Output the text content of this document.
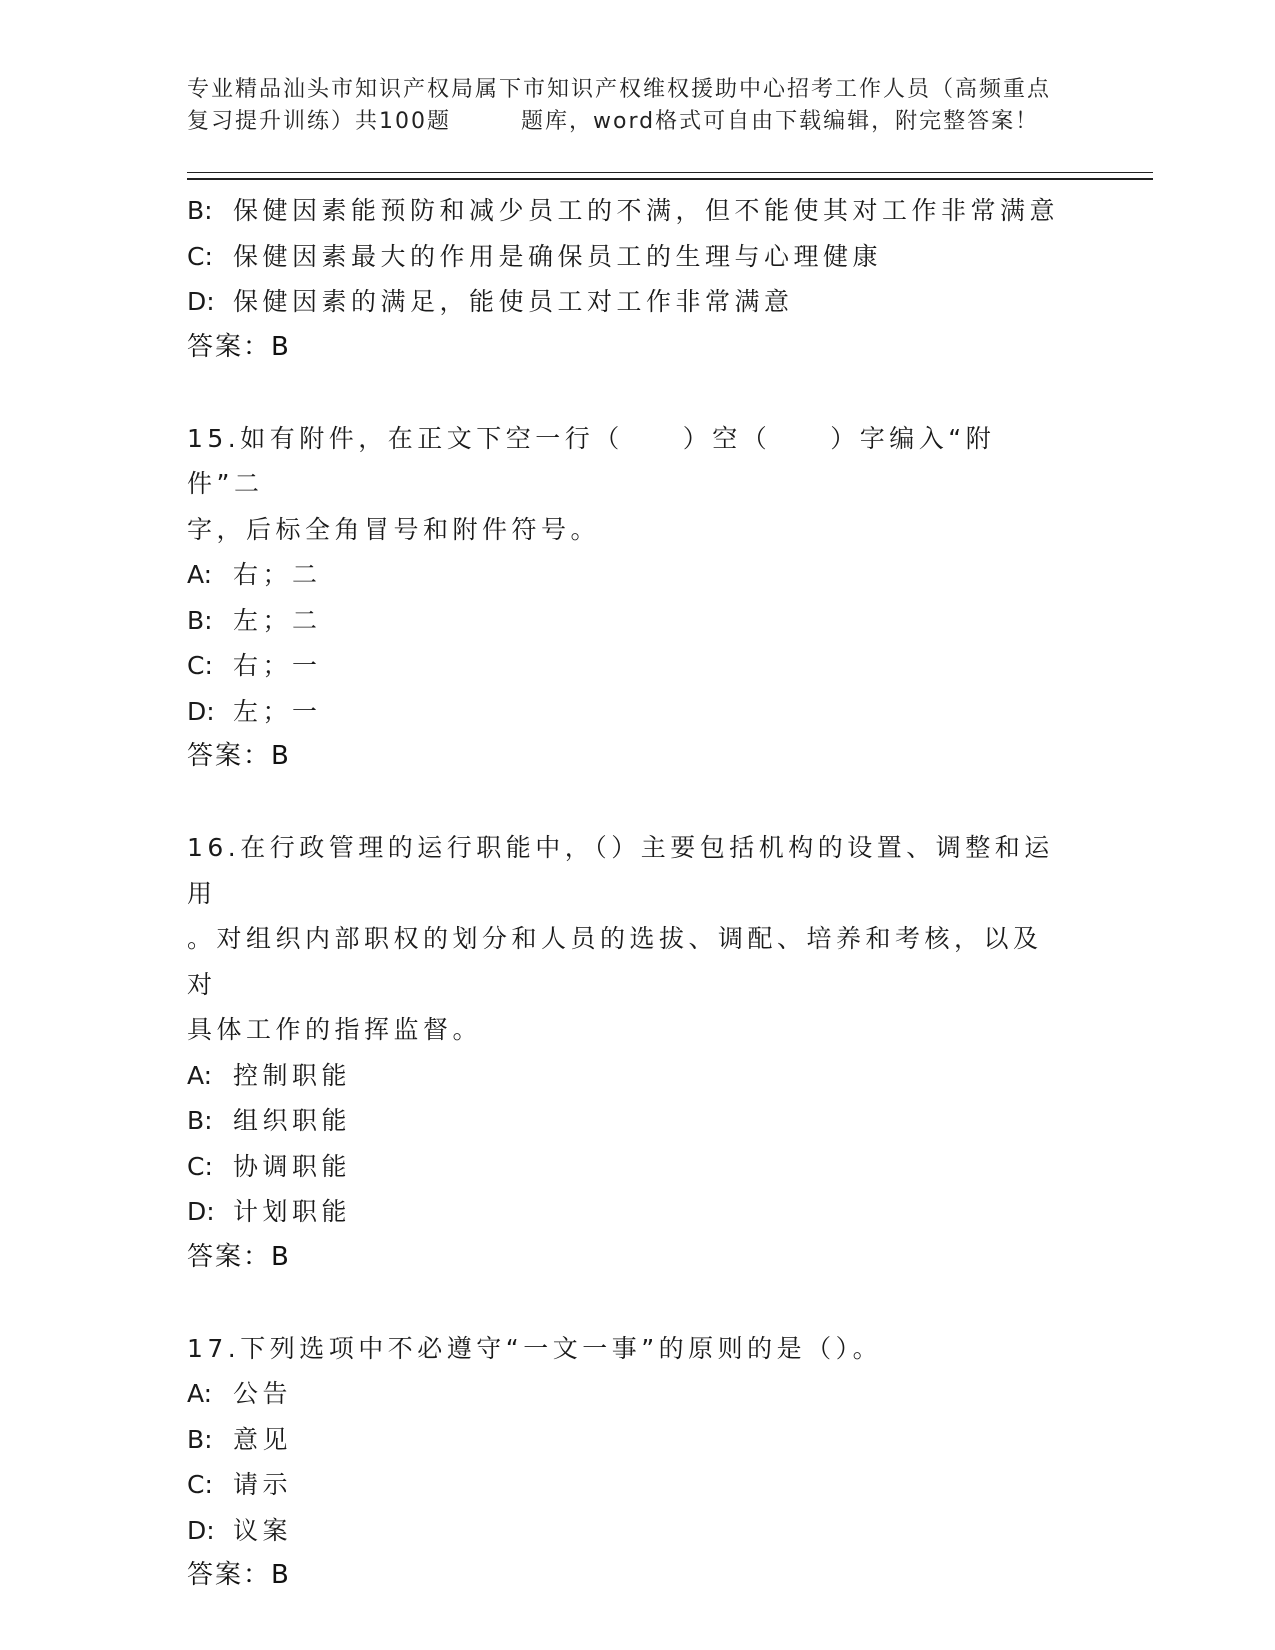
专业精品汕头市知识产权局属下市知识产权维权援助中心招考工作人员（高频重点
复习提升训练）共100题	题库，word格式可自由下载编辑，附完整答案！
B: 保健因素能预防和减少员工的不满，但不能使其对工作非常满意
C: 保健因素最大的作用是确保员工的生理与心理健康
D: 保健因素的满足，能使员工对工作非常满意
答案：B
15.如有附件，在正文下空一行（　　）空（　　）字编入“附件”二
字，后标全角冒号和附件符号。
A: 右；二
B: 左；二
C: 右；一
D: 左；一
答案：B
16.在行政管理的运行职能中，（）主要包括机构的设置、调整和运用
。对组织内部职权的划分和人员的选拔、调配、培养和考核，以及对
具体工作的指挥监督。
A: 控制职能
B: 组织职能
C: 协调职能
D: 计划职能
答案：B
17.下列选项中不必遵守“一文一事”的原则的是（）。
A: 公告
B: 意见
C: 请示
D: 议案
答案：B
